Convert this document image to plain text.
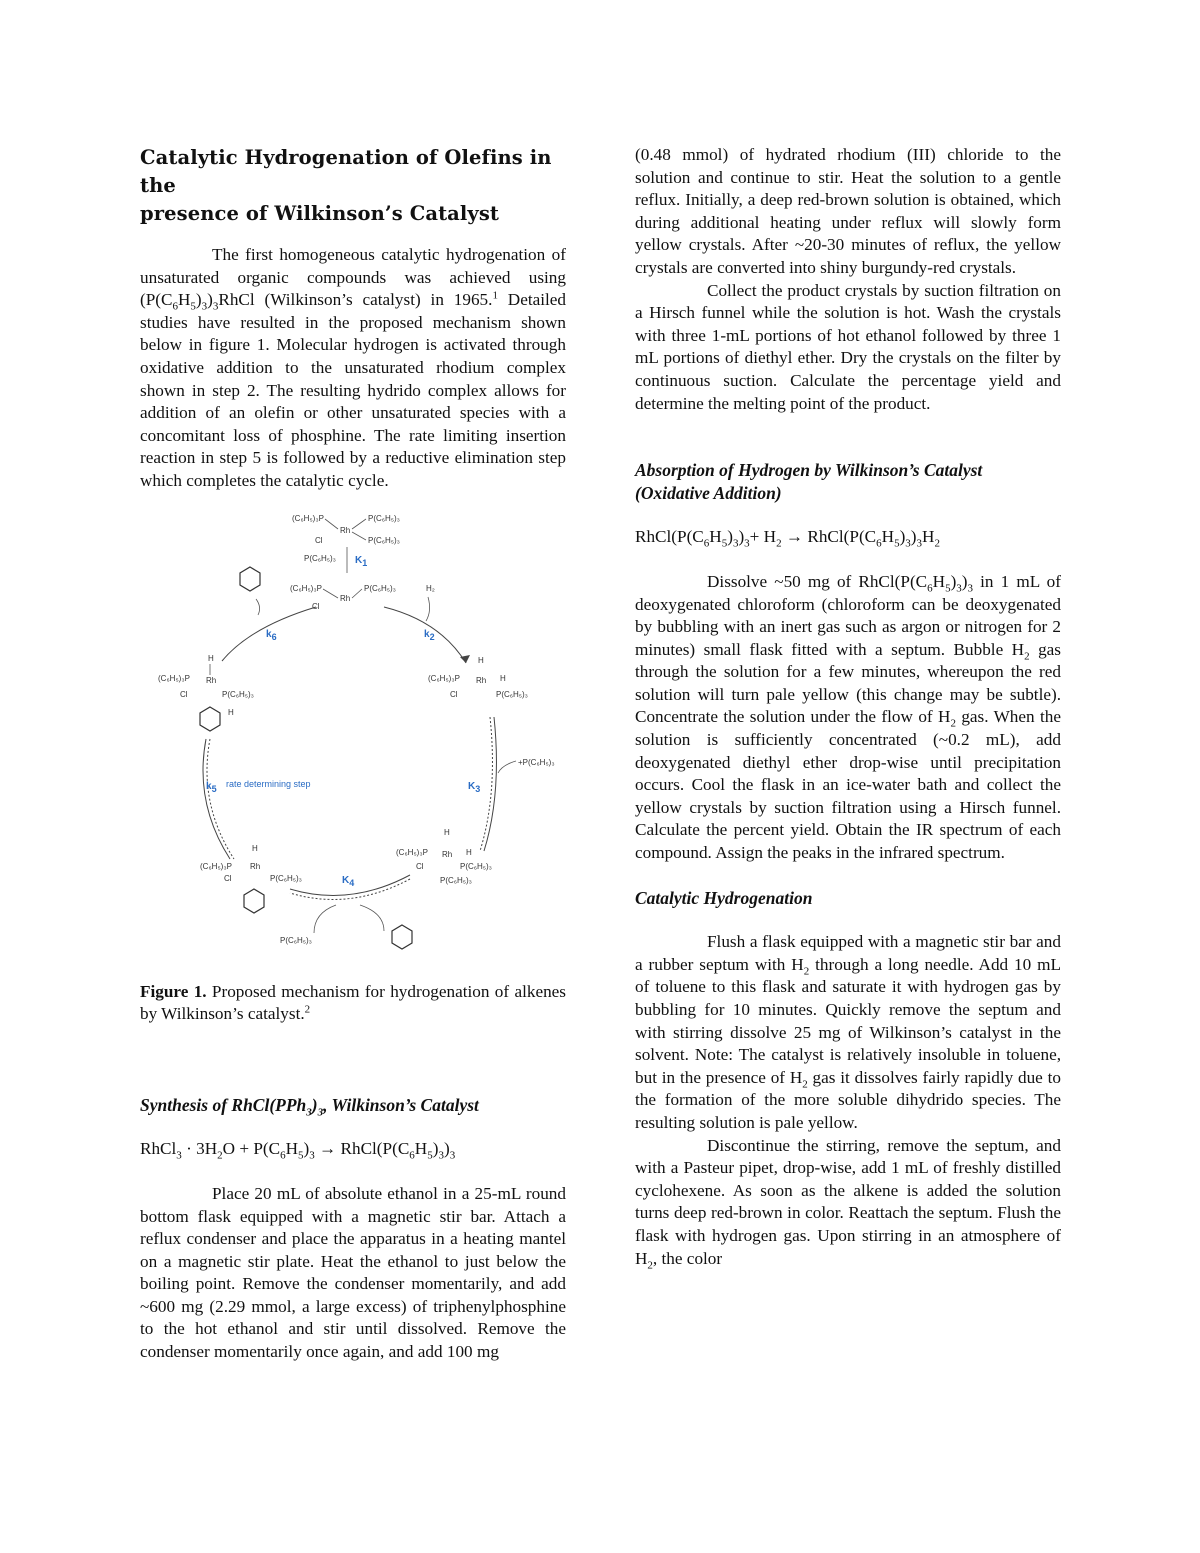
Catalytic Hydrogenation of Olefins in the
presence of Wilkinson’s Catalyst

The first homogeneous catalytic hydrogenation of unsaturated organic compounds was achieved using $(P(C_6H_5)_3)_3RhCl$ (Wilkinson’s catalyst) in 1965.$^1$ Detailed studies have resulted in the proposed mechanism shown below in figure 1. Molecular hydrogen is activated through oxidative addition to the unsaturated rhodium complex shown in step 2. The resulting hydrido complex allows for addition of an olefin or other unsaturated species with a concomitant loss of phosphine. The rate limiting insertion reaction in step 5 is followed by a reductive elimination step which completes the catalytic cycle.

(C₆H₅)₃P	P(C₆H₅)₃
Rh
Cl	P(C₆H₅)₃
P(C₆H₅)₃ K1
(C₆H₅)₃P	P(C₆H₅)₃
Rh
Cl
H₂
k6	k2
H
(C₆H₅)₃P Rh
Cl	P(C₆H₅)₃
H
H
(C₆H₅)₃P Rh H
Cl	P(C₆H₅)₃
k5 rate determining step	K3
+P(C₆H₅)₃
H
(C₆H₅)₃P Rh
Cl	P(C₆H₅)₃
H
(C₆H₅)₃P Rh H
Cl	P(C₆H₅)₃
P(C₆H₅)₃
K4
P(C₆H₅)₃

Figure 1. Proposed mechanism for hydrogenation of alkenes by Wilkinson’s catalyst.$^2$

Synthesis of $RhCl(PPh_3)_3$, Wilkinson’s Catalyst

RhCl$_3$ · $3H_2O + P(C_6H_5)_3$ → $RhCl(P(C_6H_5)_3)_3$

Place 20 mL of absolute ethanol in a 25-mL round bottom flask equipped with a magnetic stir bar. Attach a reflux condenser and place the apparatus in a heating mantel on a magnetic stir plate. Heat the ethanol to just below the boiling point. Remove the condenser momentarily, and add ~600 mg (2.29 mmol, a large excess) of triphenylphosphine to the hot ethanol and stir until dissolved. Remove the condenser momentarily once again, and add 100 mg

(0.48 mmol) of hydrated rhodium (III) chloride to the solution and continue to stir. Heat the solution to a gentle reflux. Initially, a deep red-brown solution is obtained, which during additional heating under reflux will slowly form yellow crystals. After ~20-30 minutes of reflux, the yellow crystals are converted into shiny burgundy-red crystals.

Collect the product crystals by suction filtration on a Hirsch funnel while the solution is hot. Wash the crystals with three 1-mL portions of hot ethanol followed by three 1 mL portions of diethyl ether. Dry the crystals on the filter by continuous suction. Calculate the percentage yield and determine the melting point of the product.

Absorption of Hydrogen by Wilkinson’s Catalyst (Oxidative Addition)

$RhCl(P(C_6H_5)_3)_3+ H_2$ → $RhCl(P(C_6H_5)_3)_3H_2$

Dissolve ~50 mg of $RhCl(P(C_6H_5)_3)_3$ in 1 mL of deoxygenated chloroform (chloroform can be deoxygenated by bubbling with an inert gas such as argon or nitrogen for 2 minutes) small flask fitted with a septum. Bubble $H_2$ gas through the solution for a few minutes, whereupon the red solution will turn pale yellow (this change may be subtle). Concentrate the solution under the flow of $H_2$ gas. When the solution is sufficiently concentrated (~0.2 mL), add deoxygenated diethyl ether drop-wise until precipitation occurs. Cool the flask in an ice-water bath and collect the yellow crystals by suction filtration using a Hirsch funnel. Calculate the percent yield. Obtain the IR spectrum of each compound. Assign the peaks in the infrared spectrum.

Catalytic Hydrogenation

Flush a flask equipped with a magnetic stir bar and a rubber septum with $H_2$ through a long needle. Add 10 mL of toluene to this flask and saturate it with hydrogen gas by bubbling for 10 minutes. Quickly remove the septum and with stirring dissolve 25 mg of Wilkinson’s catalyst in the solvent. Note: The catalyst is relatively insoluble in toluene, but in the presence of $H_2$ gas it dissolves fairly rapidly due to the formation of the more soluble dihydrido species. The resulting solution is pale yellow.

Discontinue the stirring, remove the septum, and with a Pasteur pipet, drop-wise, add 1 mL of freshly distilled cyclohexene. As soon as the alkene is added the solution turns deep red-brown in color. Reattach the septum. Flush the flask with hydrogen gas. Upon stirring in an atmosphere of $H_2$, the color
